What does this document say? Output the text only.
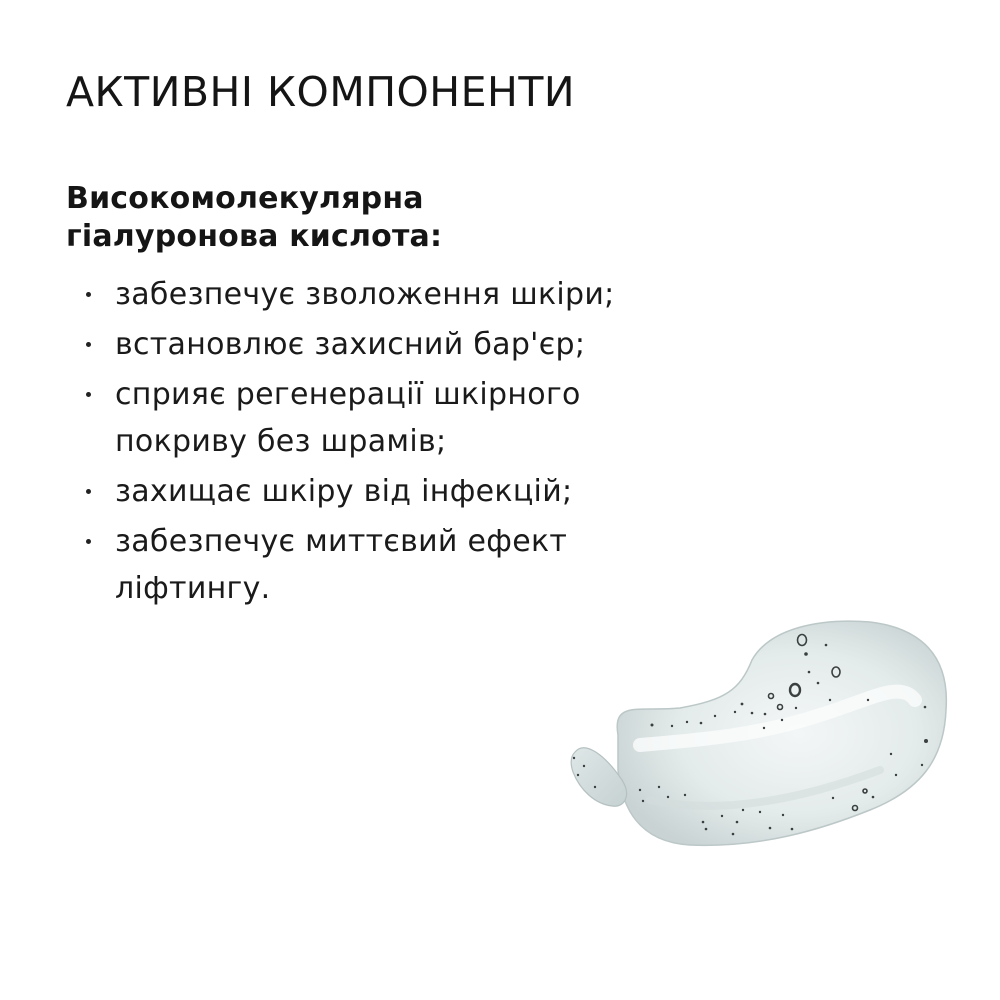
АКТИВНІ КОМПОНЕНТИ
Високомолекулярна
гіалуронова кислота:
забезпечує зволоження шкіри;
встановлює захисний бар'єр;
сприяє регенерації шкірного
покриву без шрамів;
захищає шкіру від інфекцій;
забезпечує миттєвий ефект
ліфтингу.
